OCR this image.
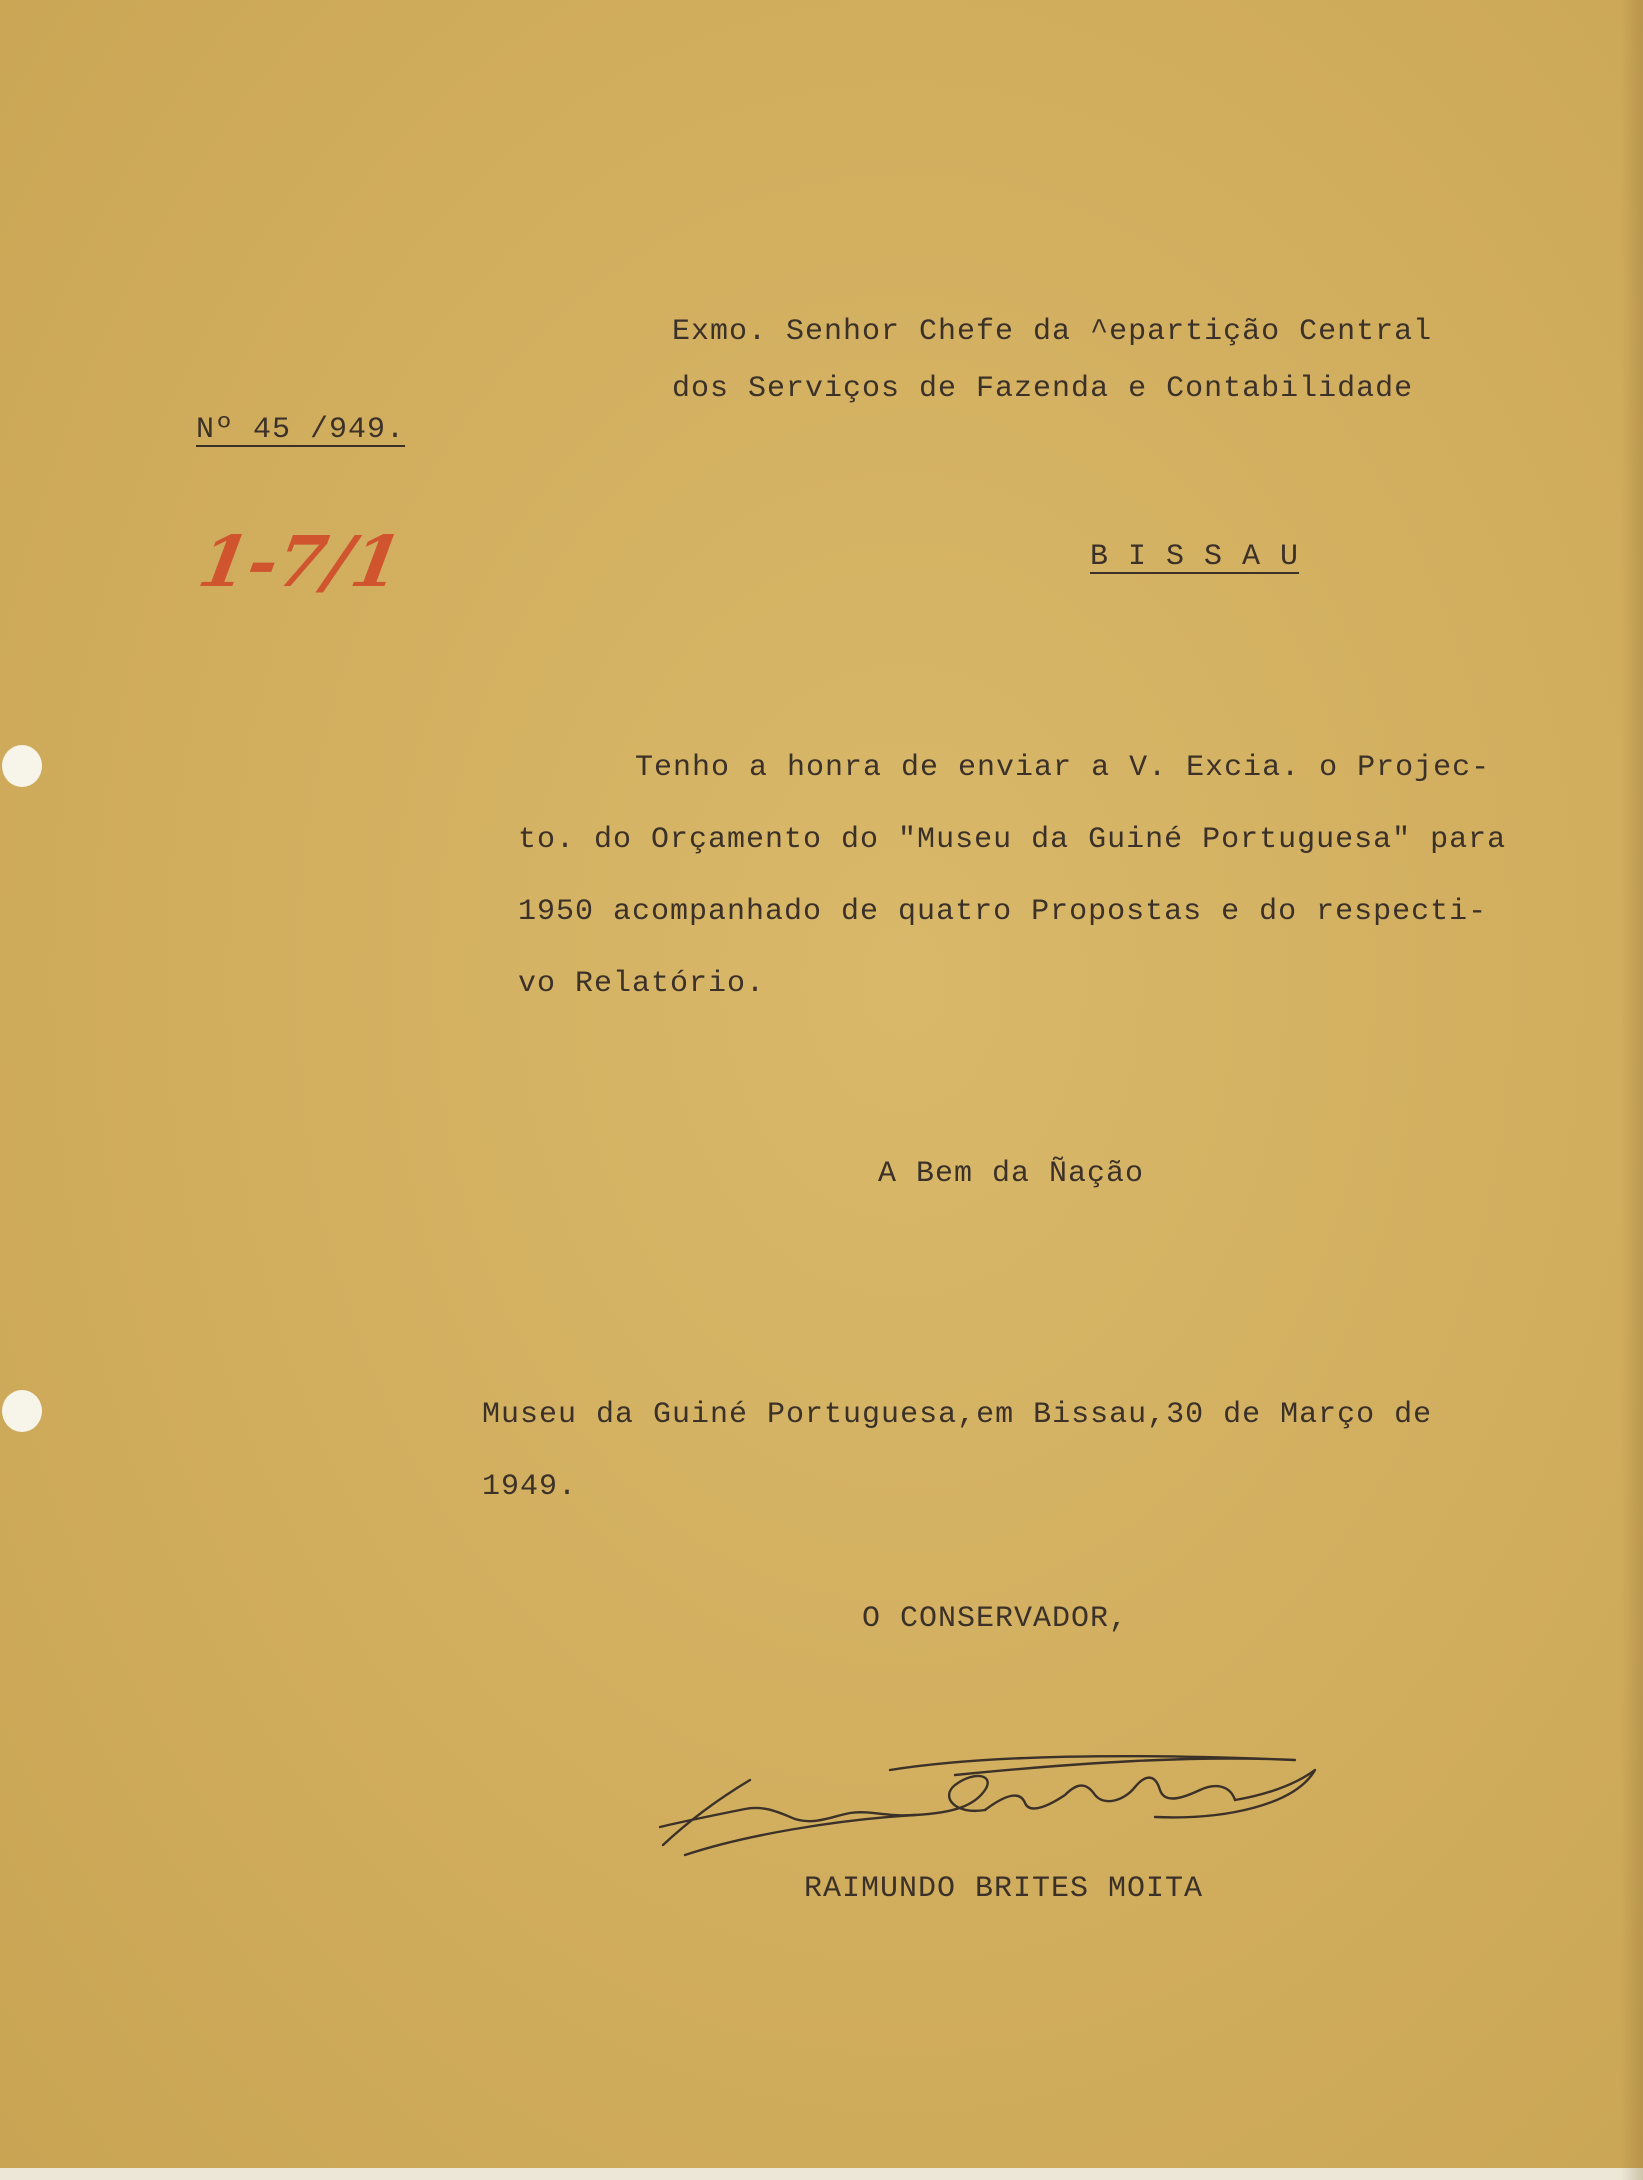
Exmo. Senhor Chefe da ^epartição Central
dos Serviços de Fazenda e Contabilidade
Nº 45 /949.
1-7/1	B I S S A U
Tenho a honra de enviar a V. Excia. o Projec-
to. do Orçamento do "Museu da Guiné Portuguesa" para
1950 acompanhado de quatro Propostas e do respecti-
vo Relatório.
A Bem da Ñação
Museu da Guiné Portuguesa,em Bissau,30 de Março de
1949.
O CONSERVADOR,
RAIMUNDO BRITES MOITA
